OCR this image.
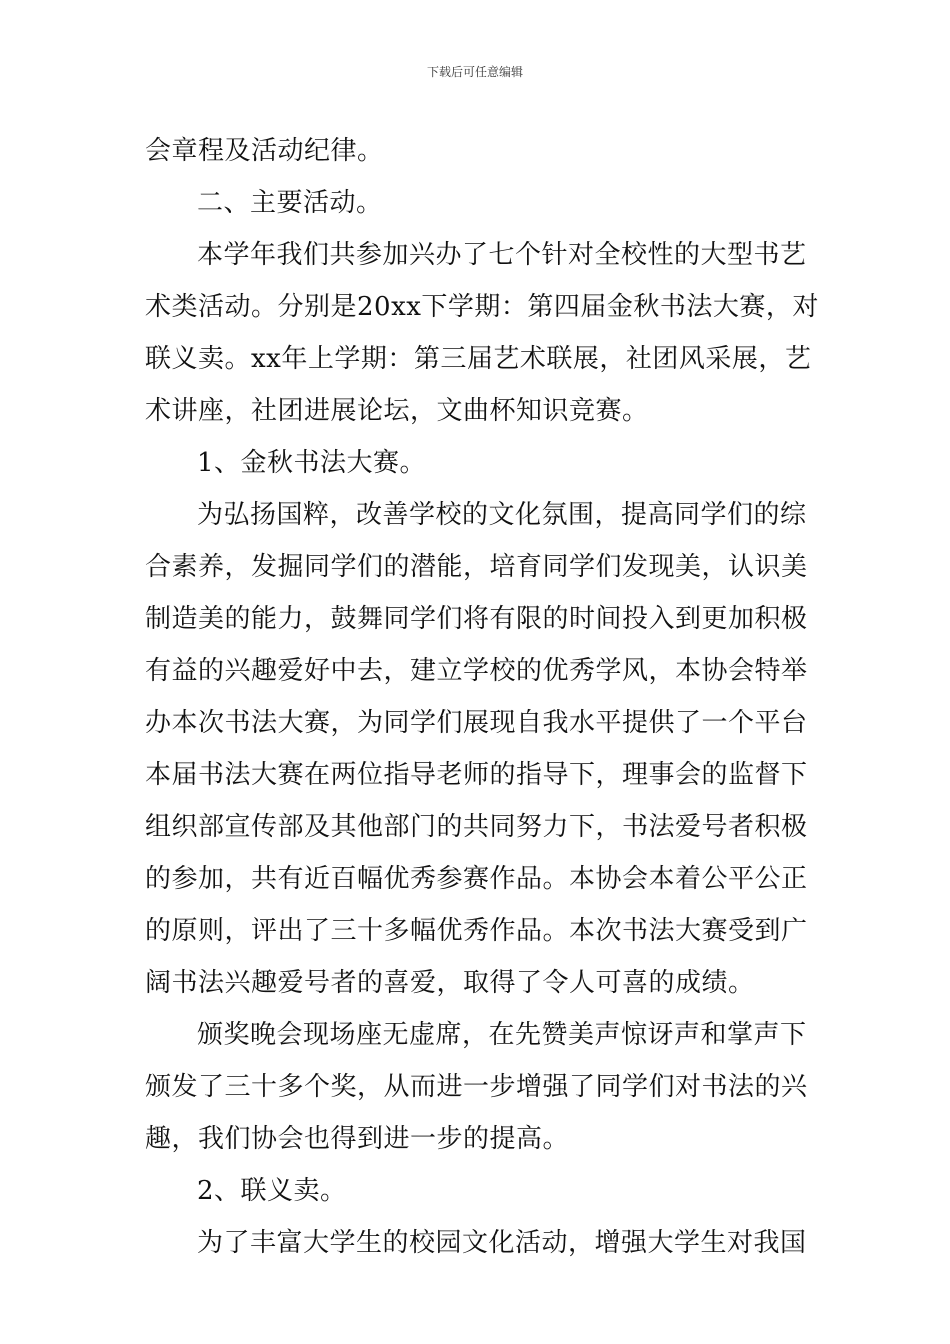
下载后可任意编辑
会章程及活动纪律。
二、主要活动。
本学年我们共参加兴办了七个针对全校性的大型书艺
术类活动。分别是20xx下学期：第四届金秋书法大赛，对
联义卖。xx年上学期：第三届艺术联展，社团风采展，艺
术讲座，社团进展论坛，文曲杯知识竞赛。
1、金秋书法大赛。
为弘扬国粹，改善学校的文化氛围，提高同学们的综
合素养，发掘同学们的潜能，培育同学们发现美，认识美
制造美的能力，鼓舞同学们将有限的时间投入到更加积极
有益的兴趣爱好中去，建立学校的优秀学风，本协会特举
办本次书法大赛，为同学们展现自我水平提供了一个平台
本届书法大赛在两位指导老师的指导下，理事会的监督下
组织部宣传部及其他部门的共同努力下，书法爱号者积极
的参加，共有近百幅优秀参赛作品。本协会本着公平公正
的原则，评出了三十多幅优秀作品。本次书法大赛受到广
阔书法兴趣爱号者的喜爱，取得了令人可喜的成绩。
颁奖晚会现场座无虚席，在先赞美声惊讶声和掌声下
颁发了三十多个奖，从而进一步增强了同学们对书法的兴
趣，我们协会也得到进一步的提高。
2、联义卖。
为了丰富大学生的校园文化活动，增强大学生对我国
